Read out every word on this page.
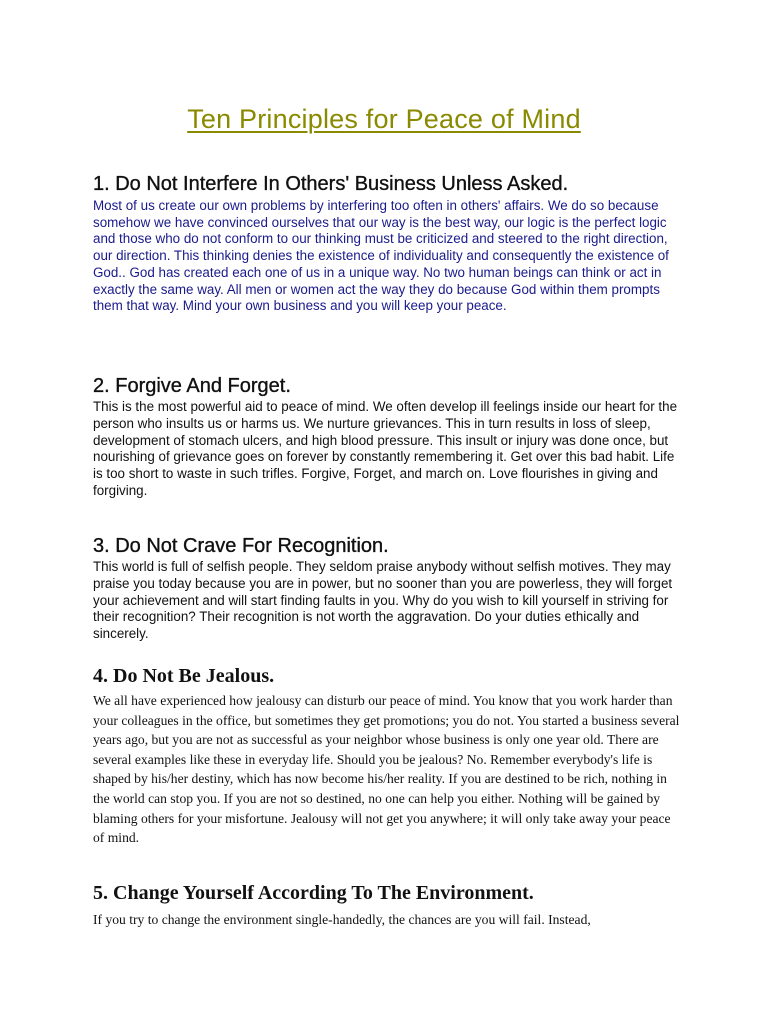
Ten Principles for Peace of Mind
1. Do Not Interfere In Others' Business Unless Asked.

Most of us create our own problems by interfering too often in others' affairs. We do so because somehow we have convinced ourselves that our way is the best way, our logic is the perfect logic and those who do not conform to our thinking must be criticized and steered to the right direction, our direction. This thinking denies the existence of individuality and consequently the existence of God.. God has created each one of us in a unique way. No two human beings can think or act in exactly the same way. All men or women act the way they do because God within them prompts them that way. Mind your own business and you will keep your peace.

2. Forgive And Forget.

This is the most powerful aid to peace of mind. We often develop ill feelings inside our heart for the person who insults us or harms us. We nurture grievances. This in turn results in loss of sleep, development of stomach ulcers, and high blood pressure. This insult or injury was done once, but nourishing of grievance goes on forever by constantly remembering it. Get over this bad habit. Life is too short to waste in such trifles. Forgive, Forget, and march on. Love flourishes in giving and forgiving.

3. Do Not Crave For Recognition.

This world is full of selfish people. They seldom praise anybody without selfish motives. They may praise you today because you are in power, but no sooner than you are powerless, they will forget your achievement and will start finding faults in you. Why do you wish to kill yourself in striving for their recognition? Their recognition is not worth the aggravation. Do your duties ethically and sincerely.

4. Do Not Be Jealous.

We all have experienced how jealousy can disturb our peace of mind. You know that you work harder than your colleagues in the office, but sometimes they get promotions; you do not. You started a business several years ago, but you are not as successful as your neighbor whose business is only one year old. There are several examples like these in everyday life. Should you be jealous? No. Remember everybody's life is shaped by his/her destiny, which has now become his/her reality. If you are destined to be rich, nothing in the world can stop you. If you are not so destined, no one can help you either. Nothing will be gained by blaming others for your misfortune. Jealousy will not get you anywhere; it will only take away your peace of mind.

5. Change Yourself According To The Environment.

If you try to change the environment single-handedly, the chances are you will fail. Instead,
